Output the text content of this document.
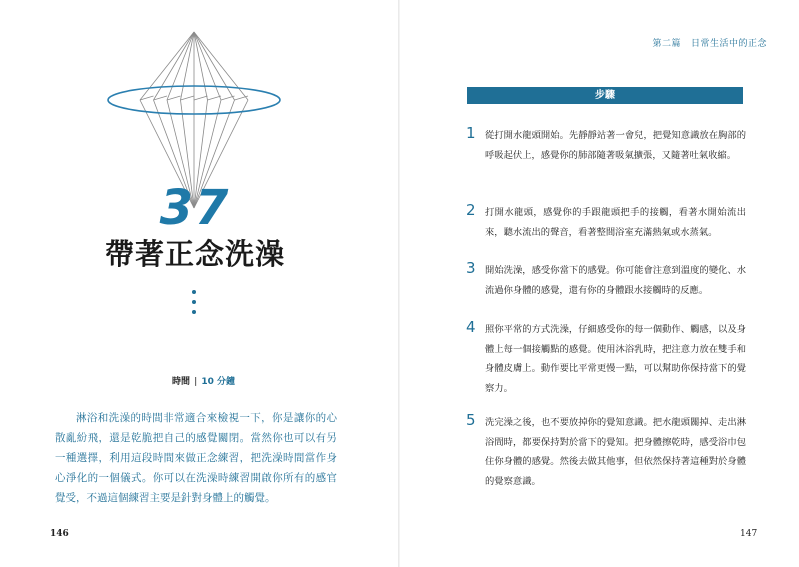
37
帶著正念洗澡
時間 | 10 分鐘

淋浴和洗澡的時間非常適合來檢視一下，你是讓你的心散亂紛飛，還是乾脆把自己的感覺關閉。當然你也可以有另一種選擇，利用這段時間來做正念練習，把洗澡時間當作身心淨化的一個儀式。你可以在洗澡時練習開啟你所有的感官覺受，不過這個練習主要是針對身體上的觸覺。

146
第二篇 日常生活中的正念
步驟
1 從打開水龍頭開始。先靜靜站著一會兒，把覺知意識放在胸部的呼吸起伏上，感覺你的肺部隨著吸氣擴張，又隨著吐氣收縮。

2 打開水龍頭，感覺你的手跟龍頭把手的接觸，看著水開始流出來，聽水流出的聲音，看著整間浴室充滿熱氣或水蒸氣。

3 開始洗澡，感受你當下的感覺。你可能會注意到溫度的變化、水流過你身體的感覺，還有你的身體跟水接觸時的反應。

4 照你平常的方式洗澡，仔細感受你的每一個動作、觸感，以及身體上每一個接觸點的感覺。使用沐浴乳時，把注意力放在雙手和身體皮膚上。動作要比平常更慢一點，可以幫助你保持當下的覺察力。

5 洗完澡之後，也不要放掉你的覺知意識。把水龍頭關掉、走出淋浴間時，都要保持對於當下的覺知。把身體擦乾時，感受浴巾包住你身體的感覺。然後去做其他事，但依然保持著這種對於身體的覺察意識。

147
